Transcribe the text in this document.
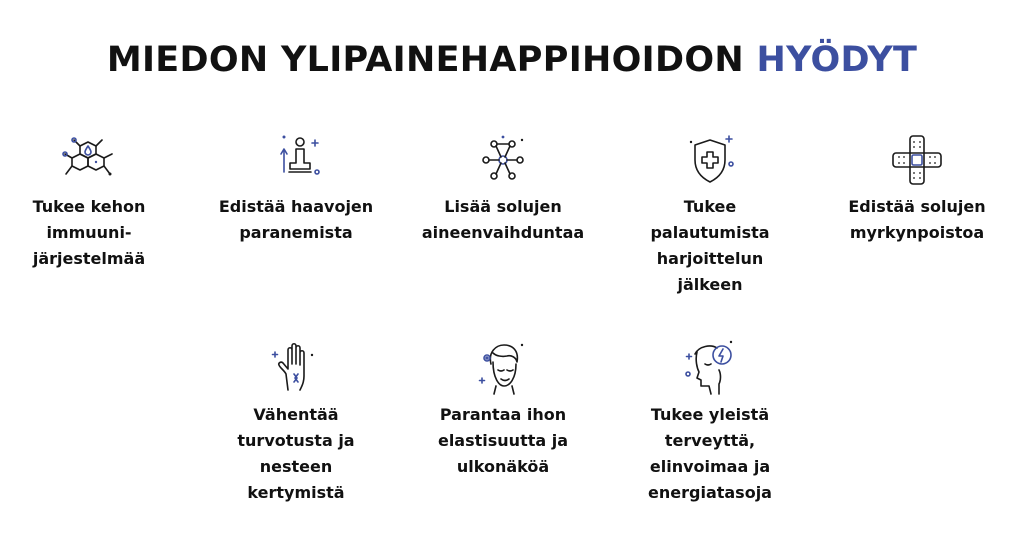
MIEDON YLIPAINEHAPPIHOIDON HYÖDYT
Tukee kehon
immuuni-
järjestelmää
Edistää haavojen
paranemista
Lisää solujen
aineenvaihduntaa
Tukee
palautumista
harjoittelun
jälkeen
Edistää solujen
myrkynpoistoa
Vähentää
turvotusta ja
nesteen
kertymistä
Parantaa ihon
elastisuutta ja
ulkonäköä
Tukee yleistä
terveyttä,
elinvoimaa ja
energiatasoja
